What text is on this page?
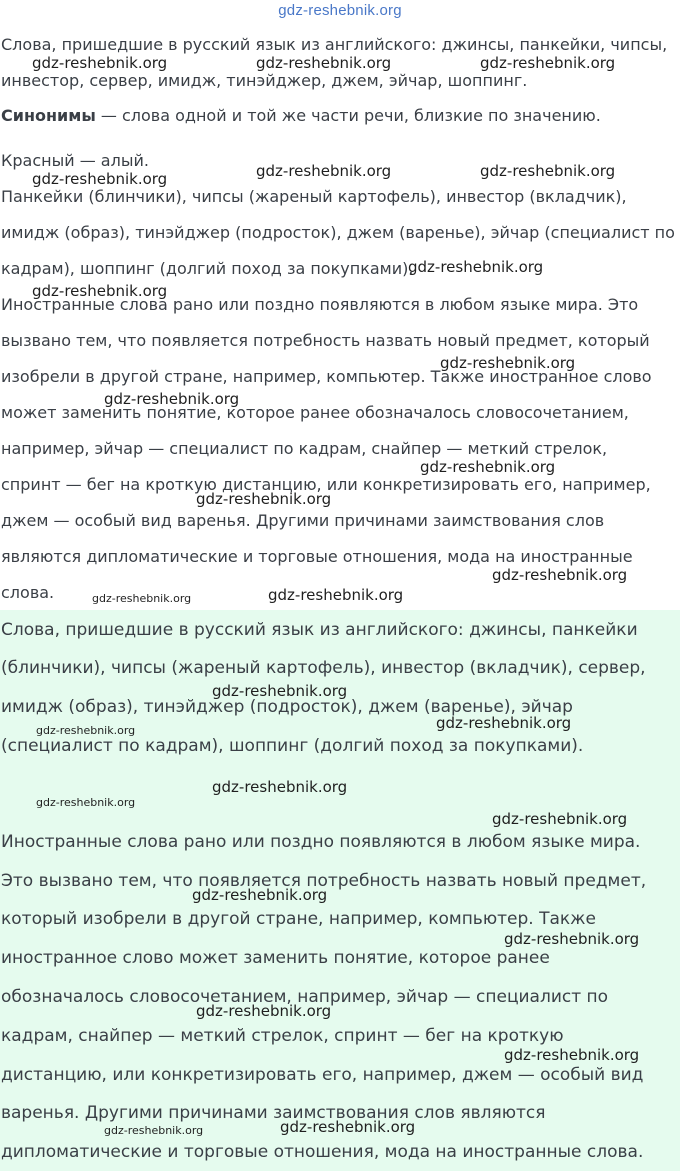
Слова, пришедшие в русский язык из английского: джинсы, панкейки, чипсы,
инвестор, сервер, имидж, тинэйджер, джем, эйчар, шоппинг.
Синонимы — слова одной и той же части речи, близкие по значению.
Красный — алый.
Панкейки (блинчики), чипсы (жареный картофель), инвестор (вкладчик),
имидж (образ), тинэйджер (подросток), джем (варенье), эйчар (специалист по
кадрам), шоппинг (долгий поход за покупками).
Иностранные слова рано или поздно появляются в любом языке мира. Это
вызвано тем, что появляется потребность назвать новый предмет, который
изобрели в другой стране, например, компьютер. Также иностранное слово
может заменить понятие, которое ранее обозначалось словосочетанием,
например, эйчар — специалист по кадрам, снайпер — меткий стрелок,
спринт — бег на кроткую дистанцию, или конкретизировать его, например,
джем — особый вид варенья. Другими причинами заимствования слов
являются дипломатические и торговые отношения, мода на иностранные
слова.
Слова, пришедшие в русский язык из английского: джинсы, панкейки
(блинчики), чипсы (жареный картофель), инвестор (вкладчик), сервер,
имидж (образ), тинэйджер (подросток), джем (варенье), эйчар
(специалист по кадрам), шоппинг (долгий поход за покупками).
Иностранные слова рано или поздно появляются в любом языке мира.
Это вызвано тем, что появляется потребность назвать новый предмет,
который изобрели в другой стране, например, компьютер. Также
иностранное слово может заменить понятие, которое ранее
обозначалось словосочетанием, например, эйчар — специалист по
кадрам, снайпер — меткий стрелок, спринт — бег на кроткую
дистанцию, или конкретизировать его, например, джем — особый вид
варенья. Другими причинами заимствования слов являются
дипломатические и торговые отношения, мода на иностранные слова.
gdz-reshebnik.org
gdz-reshebnik.org	gdz-reshebnik.org	gdz-reshebnik.org
gdz-reshebnik.org	gdz-reshebnik.org
gdz-reshebnik.org
gdz-reshebnik.org
gdz-reshebnik.org
gdz-reshebnik.org
gdz-reshebnik.org
gdz-reshebnik.org
gdz-reshebnik.org
gdz-reshebnik.org
gdz-reshebnik.org	gdz-reshebnik.org
gdz-reshebnik.org
gdz-reshebnik.org	gdz-reshebnik.org
gdz-reshebnik.org
gdz-reshebnik.org
gdz-reshebnik.org
gdz-reshebnik.org
gdz-reshebnik.org
gdz-reshebnik.org
gdz-reshebnik.org
gdz-reshebnik.org	gdz-reshebnik.org
